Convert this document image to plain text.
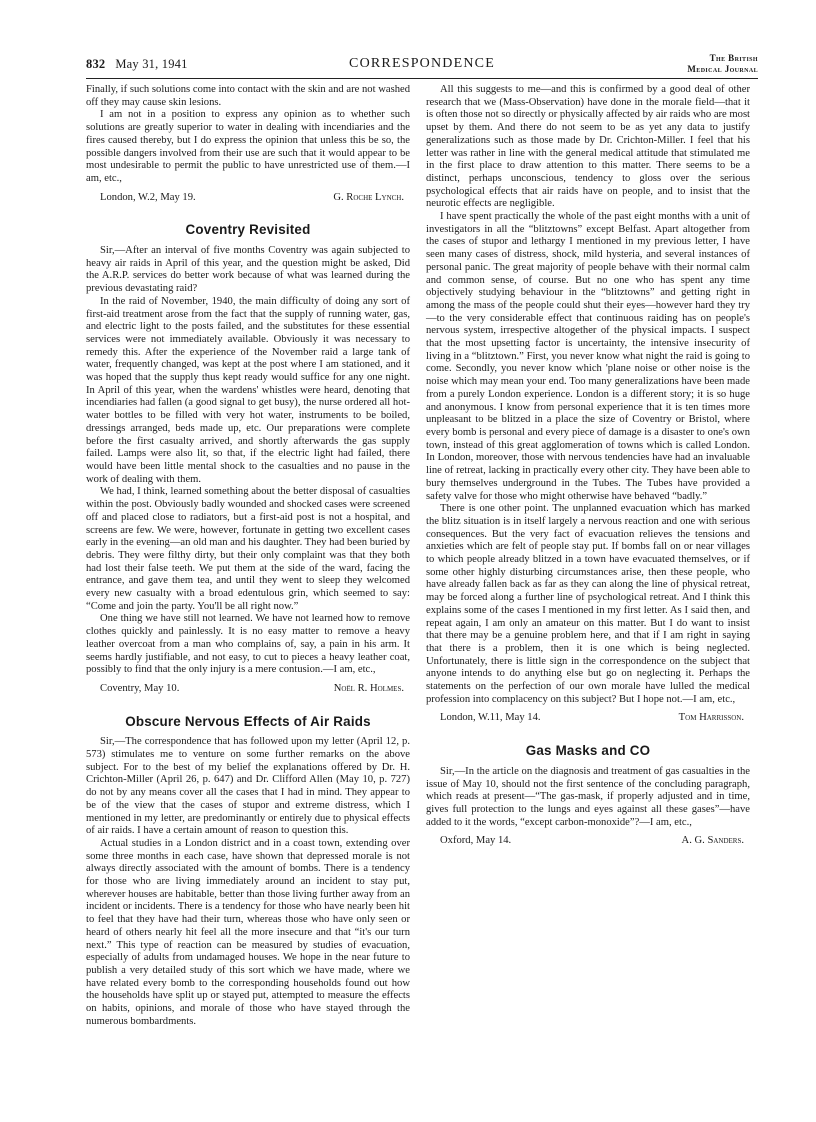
832 May 31, 1941	CORRESPONDENCE	The British
Medical Journal

Finally, if such solutions come into contact with the skin and are not washed off they may cause skin lesions.

I am not in a position to express any opinion as to whether such solutions are greatly superior to water in dealing with incendiaries and the fires caused thereby, but I do express the opinion that unless this be so, the possible dangers involved from their use are such that it would appear to be most undesirable to permit the public to have unrestricted use of them.—I am, etc.,

London, W.2, May 19.	G. Roche Lynch.
Coventry Revisited

Sir,—After an interval of five months Coventry was again subjected to heavy air raids in April of this year, and the question might be asked, Did the A.R.P. services do better work because of what was learned during the previous devastating raid?

In the raid of November, 1940, the main difficulty of doing any sort of first-aid treatment arose from the fact that the supply of running water, gas, and electric light to the posts failed, and the substitutes for these essential services were not immediately available. Obviously it was necessary to remedy this. After the experience of the November raid a large tank of water, frequently changed, was kept at the post where I am stationed, and it was hoped that the supply thus kept ready would suffice for any one night. In April of this year, when the wardens' whistles were heard, denoting that incendiaries had fallen (a good signal to get busy), the nurse ordered all hot-water bottles to be filled with very hot water, instruments to be boiled, dressings arranged, beds made up, etc. Our preparations were complete before the first casualty arrived, and shortly afterwards the gas supply failed. Lamps were also lit, so that, if the electric light had failed, there would have been little mental shock to the casualties and no pause in the work of dealing with them.

We had, I think, learned something about the better disposal of casualties within the post. Obviously badly wounded and shocked cases were screened off and placed close to radiators, but a first-aid post is not a hospital, and screens are few. We were, however, fortunate in getting two excellent cases early in the evening—an old man and his daughter. They had been buried by debris. They were filthy dirty, but their only complaint was that they both had lost their false teeth. We put them at the side of the ward, facing the entrance, and gave them tea, and until they went to sleep they welcomed every new casualty with a broad edentulous grin, which seemed to say: “Come and join the party. You'll be all right now.”

One thing we have still not learned. We have not learned how to remove clothes quickly and painlessly. It is no easy matter to remove a heavy leather overcoat from a man who complains of, say, a pain in his arm. It seems hardly justifiable, and not easy, to cut to pieces a heavy leather coat, possibly to find that the only injury is a mere contusion.—I am, etc.,

Coventry, May 10.	Noël R. Holmes.
Obscure Nervous Effects of Air Raids

Sir,—The correspondence that has followed upon my letter (April 12, p. 573) stimulates me to venture on some further remarks on the above subject. For to the best of my belief the explanations offered by Dr. H. Crichton-Miller (April 26, p. 647) and Dr. Clifford Allen (May 10, p. 727) do not by any means cover all the cases that I had in mind. They appear to be of the view that the cases of stupor and extreme distress, which I mentioned in my letter, are predominantly or entirely due to physical effects of air raids. I have a certain amount of reason to question this.

Actual studies in a London district and in a coast town, extending over some three months in each case, have shown that depressed morale is not always directly associated with the amount of bombs. There is a tendency for those who are living immediately around an incident to stay put, wherever houses are habitable, better than those living further away from an incident or incidents. There is a tendency for those who have nearly been hit to feel that they have had their turn, whereas those who have only seen or heard of others nearly hit feel all the more insecure and that “it's our turn next.” This type of reaction can be measured by studies of evacuation, especially of adults from undamaged houses. We hope in the near future to publish a very detailed study of this sort which we have made, where we have related every bomb to the corresponding households found out how the households have split up or stayed put, attempted to measure the effects on habits, opinions, and morale of those who have stayed through the numerous bombardments.

All this suggests to me—and this is confirmed by a good deal of other research that we (Mass-Observation) have done in the morale field—that it is often those not so directly or physically affected by air raids who are most upset by them. And there do not seem to be as yet any data to justify generalizations such as those made by Dr. Crichton-Miller. I feel that his letter was rather in line with the general medical attitude that stimulated me in the first place to draw attention to this matter. There seems to be a distinct, perhaps unconscious, tendency to gloss over the serious psychological effects that air raids have on people, and to insist that the neurotic effects are negligible.

I have spent practically the whole of the past eight months with a unit of investigators in all the “blitztowns” except Belfast. Apart altogether from the cases of stupor and lethargy I mentioned in my previous letter, I have seen many cases of distress, shock, mild hysteria, and several instances of personal panic. The great majority of people behave with their normal calm and common sense, of course. But no one who has spent any time objectively studying behaviour in the “blitztowns” and getting right in among the mass of the people could shut their eyes—however hard they try—to the very considerable effect that continuous raiding has on people's nervous system, irrespective altogether of the physical impacts. I suspect that the most upsetting factor is uncertainty, the intensive insecurity of living in a “blitztown.” First, you never know what night the raid is going to come. Secondly, you never know which 'plane noise or other noise is the noise which may mean your end. Too many generalizations have been made from a purely London experience. London is a different story; it is so huge and anonymous. I know from personal experience that it is ten times more unpleasant to be blitzed in a place the size of Coventry or Bristol, where every bomb is personal and every piece of damage is a disaster to one's own town, instead of this great agglomeration of towns which is called London. In London, moreover, those with nervous tendencies have had an invaluable line of retreat, lacking in practically every other city. They have been able to bury themselves underground in the Tubes. The Tubes have provided a safety valve for those who might otherwise have behaved “badly.”

There is one other point. The unplanned evacuation which has marked the blitz situation is in itself largely a nervous reaction and one with serious consequences. But the very fact of evacuation relieves the tensions and anxieties which are felt of people stay put. If bombs fall on or near villages to which people already blitzed in a town have evacuated themselves, or if some other highly disturbing circumstances arise, then these people, who have already fallen back as far as they can along the line of physical retreat, may be forced along a further line of psychological retreat. And I think this explains some of the cases I mentioned in my first letter. As I said then, and repeat again, I am only an amateur on this matter. But I do want to insist that there may be a genuine problem here, and that if I am right in saying that there is a problem, then it is one which is being neglected. Unfortunately, there is little sign in the correspondence on the subject that anyone intends to do anything else but go on neglecting it. Perhaps the statements on the perfection of our own morale have lulled the medical profession into complacency on this subject? But I hope not.—I am, etc.,

London, W.11, May 14.	Tom Harrisson.
Gas Masks and CO

Sir,—In the article on the diagnosis and treatment of gas casualties in the issue of May 10, should not the first sentence of the concluding paragraph, which reads at present—“The gas-mask, if properly adjusted and in time, gives full protection to the lungs and eyes against all these gases”—have added to it the words, “except carbon-monoxide”?—I am, etc.,

Oxford, May 14.	A. G. Sanders.
